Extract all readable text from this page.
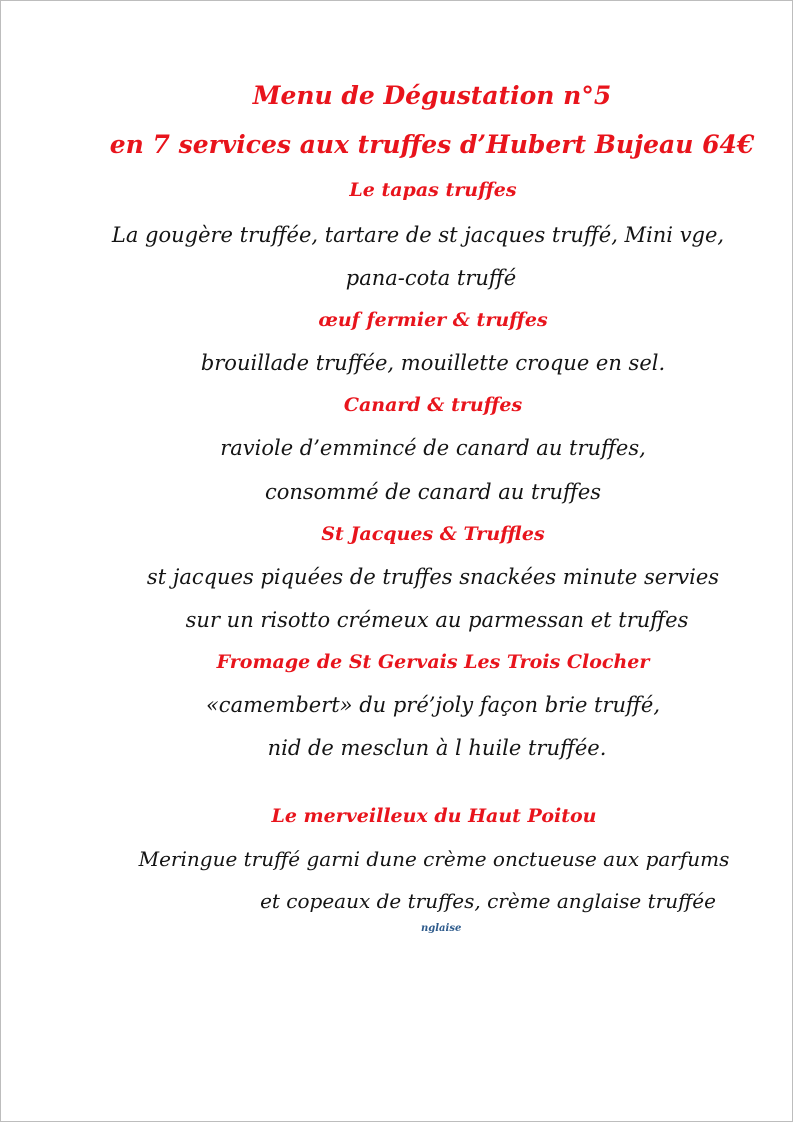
Menu de Dégustation n°5
en 7 services aux truffes d’Hubert Bujeau 64€
Le tapas truffes
La gougère truffée, tartare de st jacques truffé, Mini vge,
pana-cota truffé
œuf fermier & truffes
brouillade truffée, mouillette croque en sel.
Canard & truffes
raviole d’emmincé de canard au truffes,
consommé de canard au truffes
St Jacques & Truffles
st jacques piquées de truffes snackées minute servies
sur un risotto crémeux au parmessan et truffes
Fromage de St Gervais Les Trois Clocher
«camembert» du pré’joly façon brie truffé,
nid de mesclun à l huile truffée.
Le merveilleux du Haut Poitou
Meringue truffé garni dune crème onctueuse aux parfums
et copeaux de truffes, crème anglaise truffée
nglaise
